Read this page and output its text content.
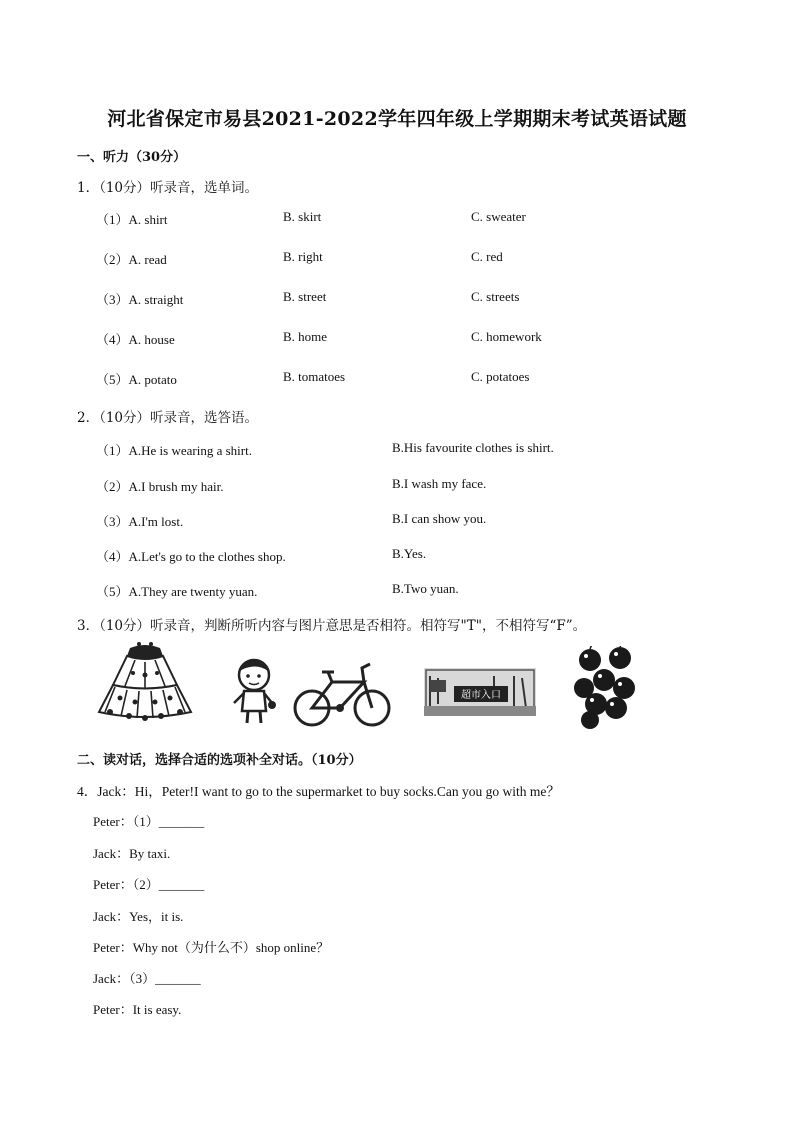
河北省保定市易县2021-2022学年四年级上学期期末考试英语试题
一、听力（30分）
1．（10分）听录音，选单词。
（1）A. shirt	B. skirt	C. sweater
（2）A. read	B. right	C. red
（3）A. straight	B. street	C. streets
（4）A. house	B. home	C. homework
（5）A. potato	B. tomatoes	C. potatoes
2．（10分）听录音，选答语。
（1）A.He is wearing a shirt.	B.His favourite clothes is shirt.
（2）A.I brush my hair.	B.I wash my face.
（3）A.I'm lost.	B.I can show you.
（4）A.Let's go to the clothes shop.	B.Yes.
（5）A.They are twenty yuan.	B.Two yuan.
3．（10分）听录音，判断所听内容与图片意思是否相符。相符写"T"，不相符写“F”。
超市入口
二、读对话，选择合适的选项补全对话。（10分）
4．Jack：Hi，Peter!I want to go to the supermarket to buy socks.Can you go with me？
Peter：（1）_______
Jack：By taxi.
Peter：（2）_______
Jack：Yes，it is.
Peter：Why not（为什么不）shop online？
Jack：（3）_______
Peter：It is easy.
